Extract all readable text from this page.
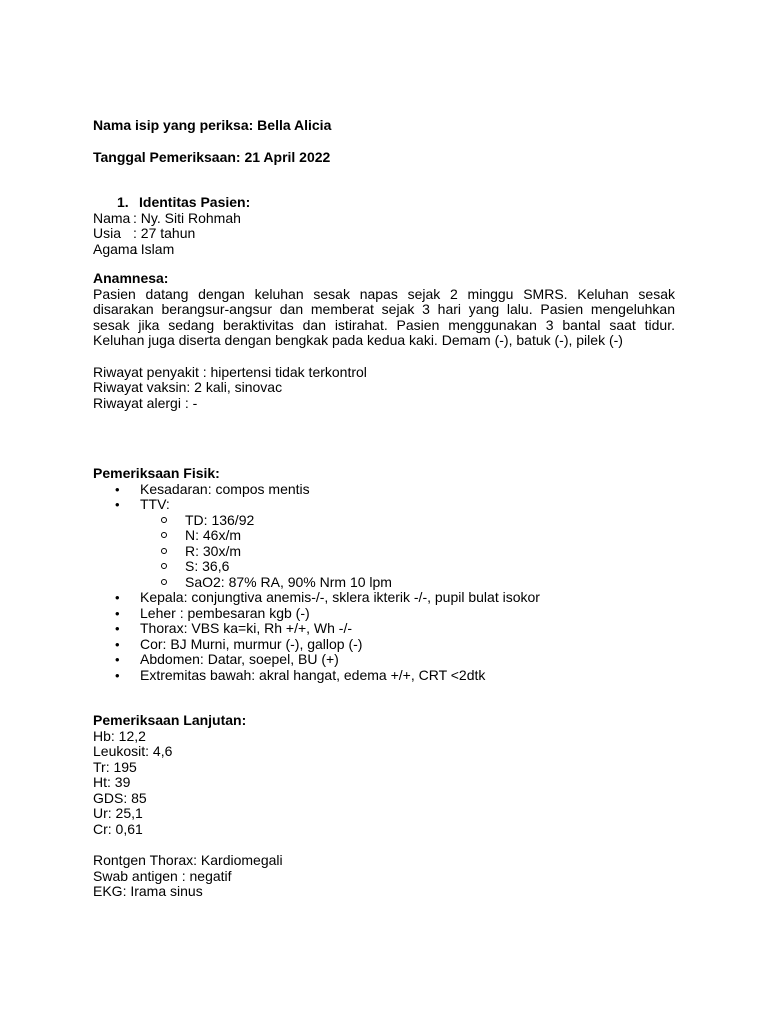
Nama isip yang periksa: Bella Alicia
Tanggal Pemeriksaan: 21 April 2022
1. Identitas Pasien:
Nama : Ny. Siti Rohmah
Usia : 27 tahun
Agama
: Islam
Anamnesa:
Pasien datang dengan keluhan sesak napas sejak 2 minggu SMRS. Keluhan sesak
disarakan berangsur-angsur dan memberat sejak 3 hari yang lalu. Pasien mengeluhkan
sesak jika sedang beraktivitas dan istirahat. Pasien menggunakan 3 bantal saat tidur.
Keluhan juga diserta dengan bengkak pada kedua kaki. Demam (-), batuk (-), pilek (-)
Riwayat penyakit : hipertensi tidak terkontrol
Riwayat vaksin: 2 kali, sinovac
Riwayat alergi : -
Pemeriksaan Fisik:
• Kesadaran: compos mentis
• TTV:
TD: 136/92
N: 46x/m
R: 30x/m
S: 36,6
SaO2: 87% RA, 90% Nrm 10 lpm
• Kepala: conjungtiva anemis-/-, sklera ikterik -/-, pupil bulat isokor
• Leher : pembesaran kgb (-)
• Thorax: VBS ka=ki, Rh +/+, Wh -/-
• Cor: BJ Murni, murmur (-), gallop (-)
• Abdomen: Datar, soepel, BU (+)
• Extremitas bawah: akral hangat, edema +/+, CRT <2dtk
Pemeriksaan Lanjutan:
Hb: 12,2
Leukosit: 4,6
Tr: 195
Ht: 39
GDS: 85
Ur: 25,1
Cr: 0,61
Rontgen Thorax: Kardiomegali
Swab antigen : negatif
EKG: Irama sinus
